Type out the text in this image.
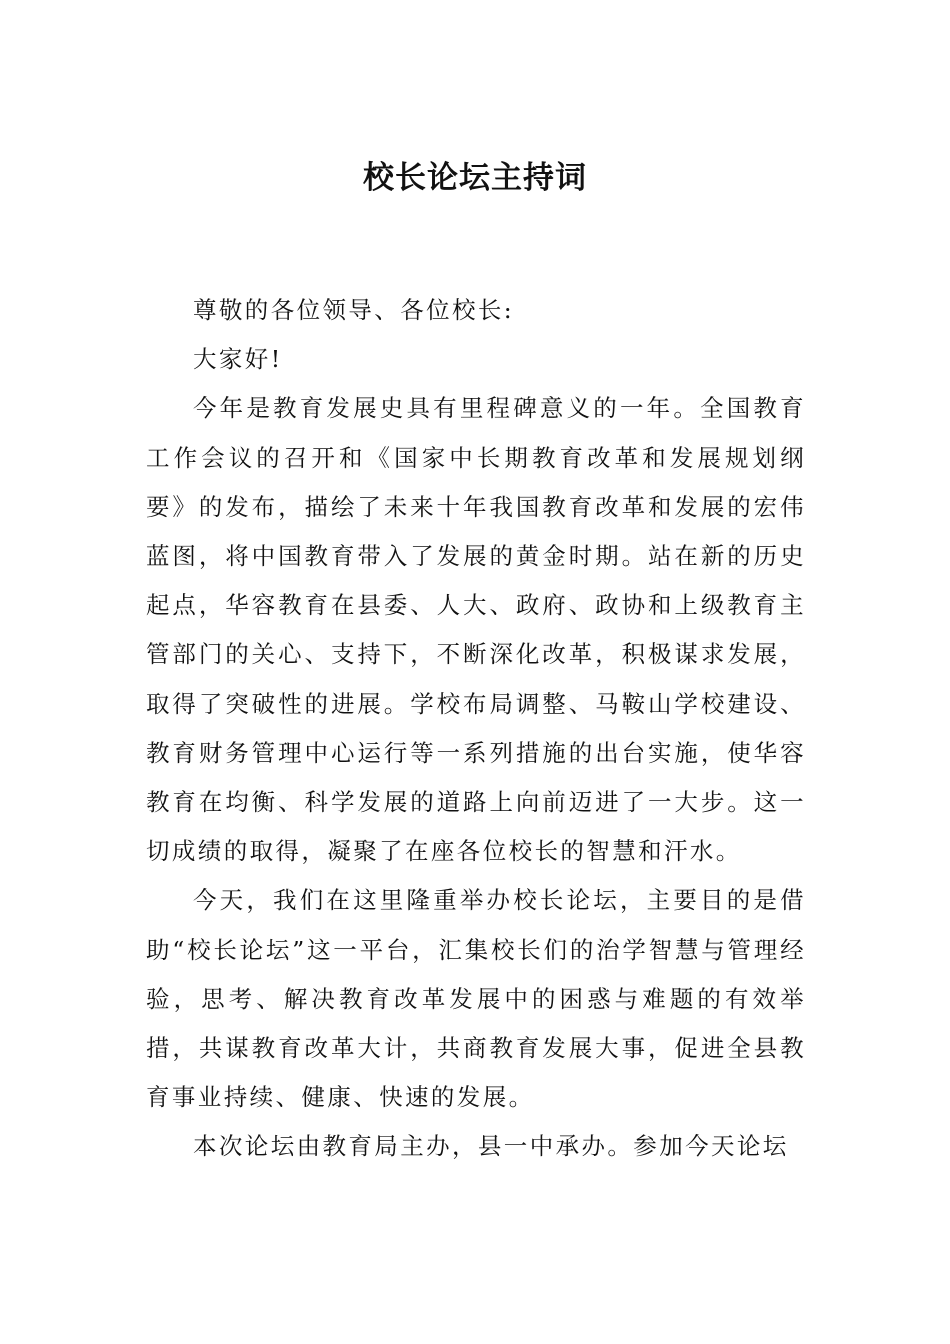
校长论坛主持词

尊敬的各位领导、各位校长:

大家好!

今年是教育发展史具有里程碑意义的一年。全国教育工作会议的召开和《国家中长期教育改革和发展规划纲要》的发布，描绘了未来十年我国教育改革和发展的宏伟蓝图，将中国教育带入了发展的黄金时期。站在新的历史起点，华容教育在县委、人大、政府、政协和上级教育主管部门的关心、支持下，不断深化改革，积极谋求发展，取得了突破性的进展。学校布局调整、马鞍山学校建设、教育财务管理中心运行等一系列措施的出台实施，使华容教育在均衡、科学发展的道路上向前迈进了一大步。这一切成绩的取得，凝聚了在座各位校长的智慧和汗水。

今天，我们在这里隆重举办校长论坛，主要目的是借助“校长论坛”这一平台，汇集校长们的治学智慧与管理经验，思考、解决教育改革发展中的困惑与难题的有效举措，共谋教育改革大计，共商教育发展大事，促进全县教育事业持续、健康、快速的发展。

本次论坛由教育局主办，县一中承办。参加今天论坛
